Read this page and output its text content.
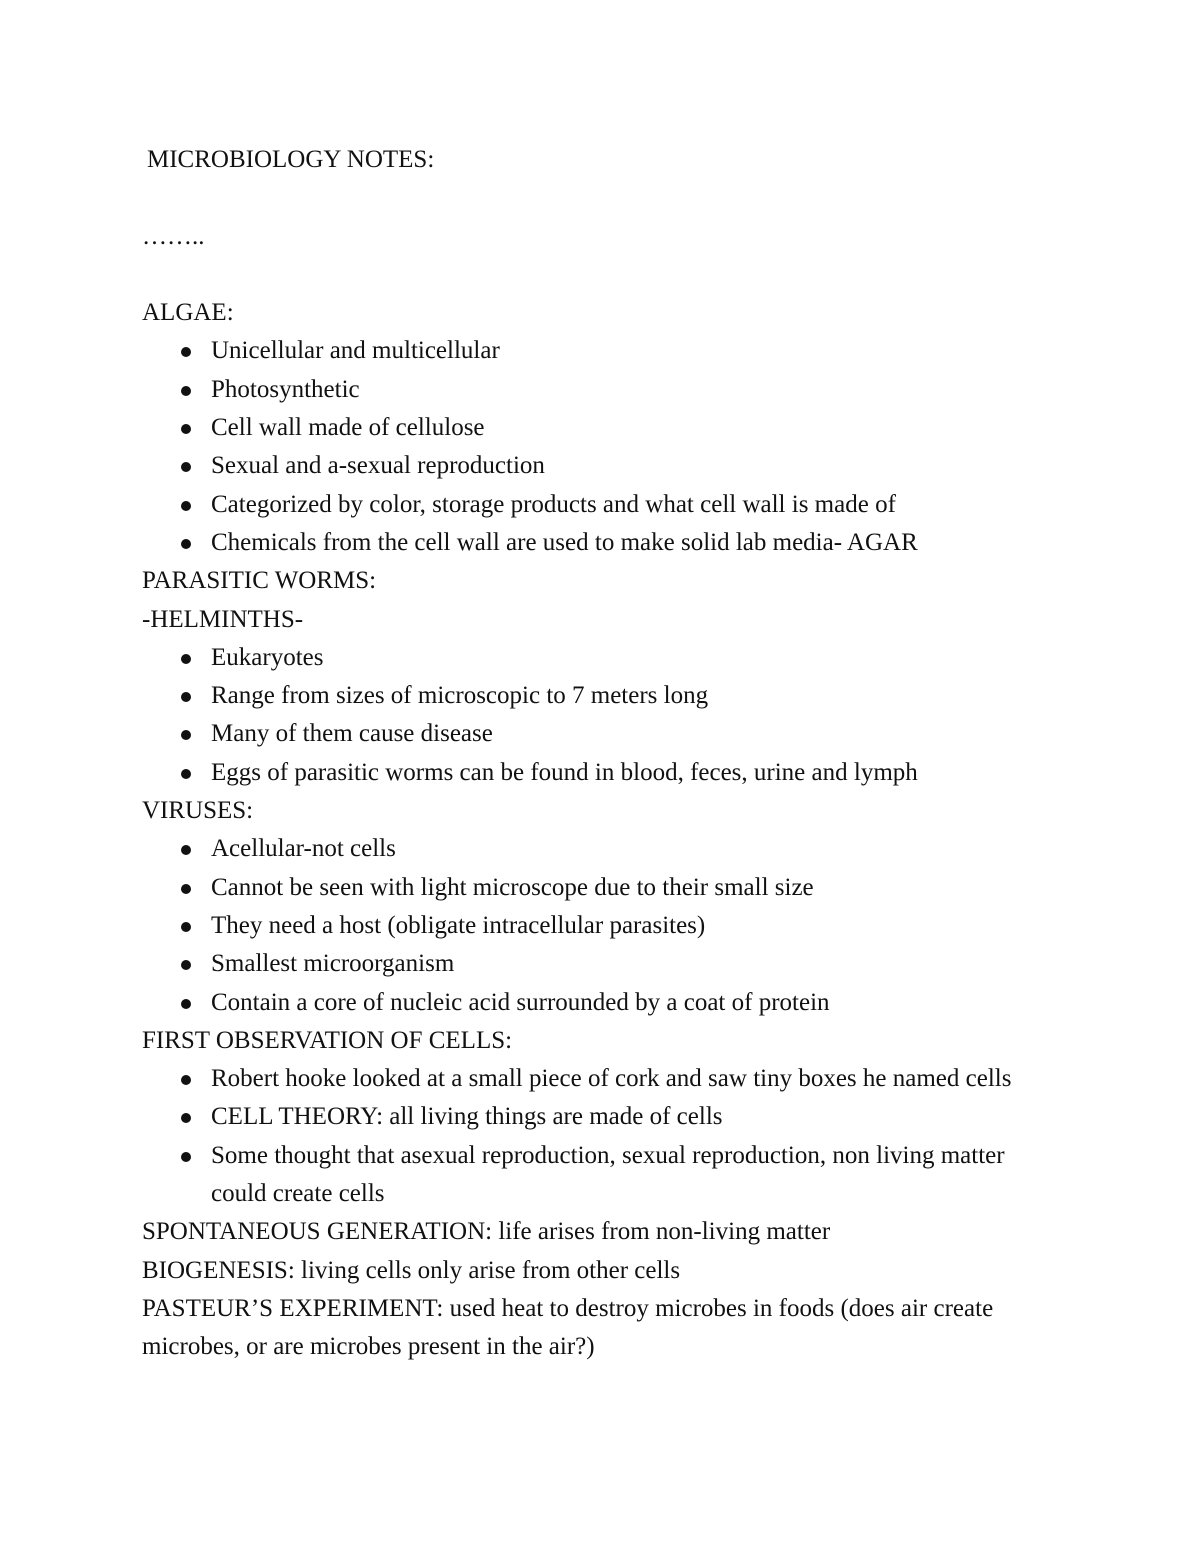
MICROBIOLOGY NOTES:
……..
ALGAE:
Unicellular and multicellular
Photosynthetic
Cell wall made of cellulose
Sexual and a-sexual reproduction
Categorized by color, storage products and what cell wall is made of
Chemicals from the cell wall are used to make solid lab media- AGAR
PARASITIC WORMS:
-HELMINTHS-
Eukaryotes
Range from sizes of microscopic to 7 meters long
Many of them cause disease
Eggs of parasitic worms can be found in blood, feces, urine and lymph
VIRUSES:
Acellular-not cells
Cannot be seen with light microscope due to their small size
They need a host (obligate intracellular parasites)
Smallest microorganism
Contain a core of nucleic acid surrounded by a coat of protein
FIRST OBSERVATION OF CELLS:
Robert hooke looked at a small piece of cork and saw tiny boxes he named cells
CELL THEORY: all living things are made of cells
Some thought that asexual reproduction, sexual reproduction, non living matter could create cells
SPONTANEOUS GENERATION: life arises from non-living matter
BIOGENESIS: living cells only arise from other cells
PASTEUR’S EXPERIMENT: used heat to destroy microbes in foods (does air create microbes, or are microbes present in the air?)
